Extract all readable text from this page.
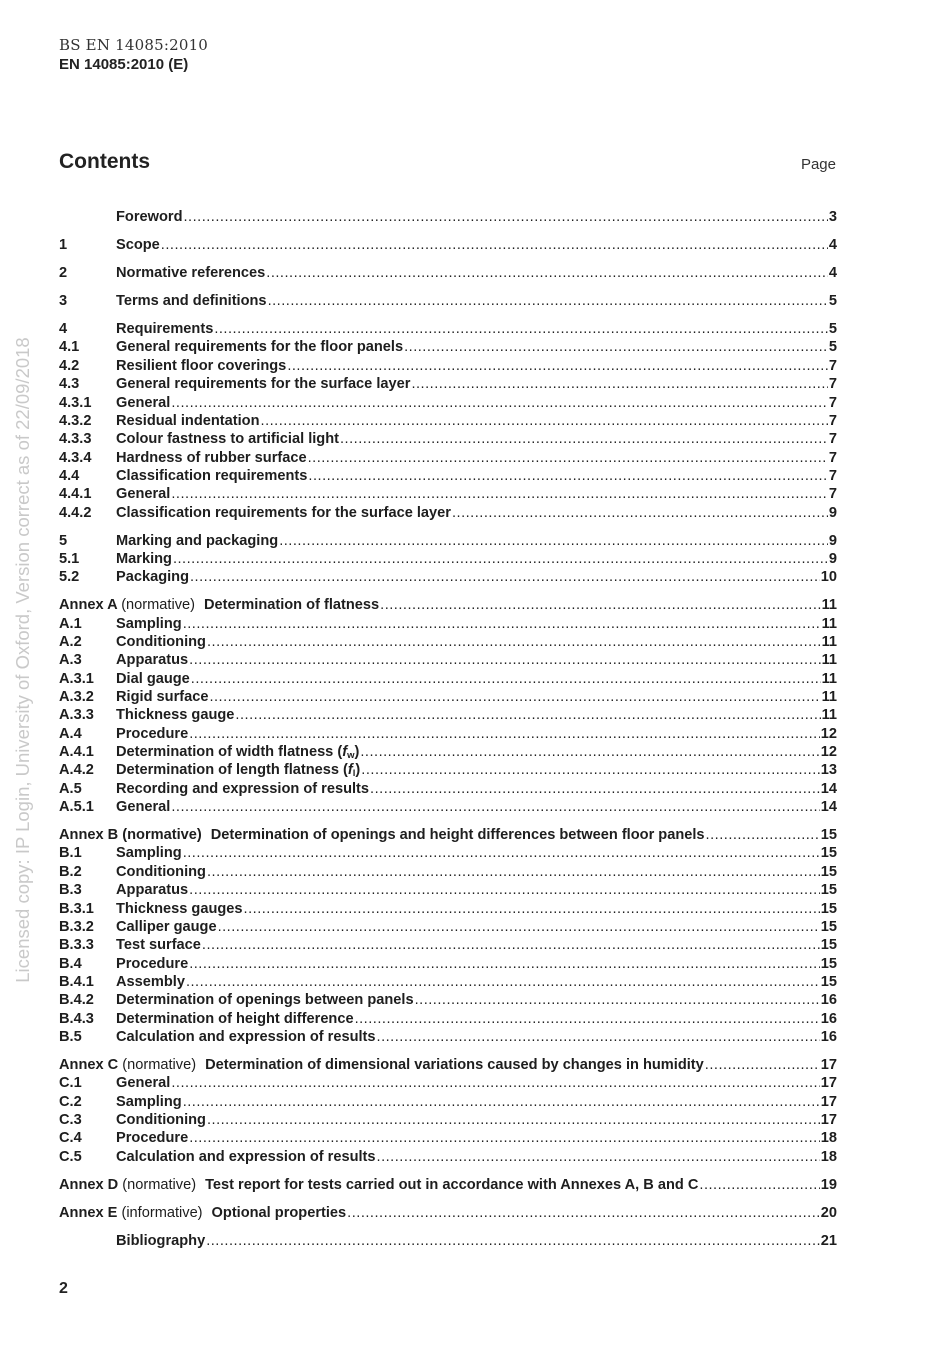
BS EN 14085:2010
EN 14085:2010 (E)
Contents	Page
Licensed copy: IP Login, University of Oxford, Version correct as of 22/09/2018
Foreword .....	3
1	Scope .....	4
2	Normative references .....	4
3	Terms and definitions .....	5
4	Requirements .....	5
4.1	General requirements for the floor panels .....	5
4.2	Resilient floor coverings .....	7
4.3	General requirements for the surface layer .....	7
4.3.1	General .....	7
4.3.2	Residual indentation .....	7
4.3.3	Colour fastness to artificial light .....	7
4.3.4	Hardness of rubber surface .....	7
4.4	Classification requirements .....	7
4.4.1	General .....	7
4.4.2	Classification requirements for the surface layer .....	9
5	Marking and packaging .....	9
5.1	Marking .....	9
5.2	Packaging .....	10
Annex A (normative) Determination of flatness .....	11
A.1	Sampling .....	11
A.2	Conditioning .....	11
A.3	Apparatus .....	11
A.3.1	Dial gauge .....	11
A.3.2	Rigid surface .....	11
A.3.3	Thickness gauge .....	11
A.4	Procedure .....	12
A.4.1	Determination of width flatness $(f_w)$ .....	12
A.4.2	Determination of length flatness $(f_l)$ .....	13
A.5	Recording and expression of results .....	14
A.5.1	General .....	14
Annex B (normative) Determination of openings and height differences between floor panels .....	15
B.1	Sampling .....	15
B.2	Conditioning .....	15
B.3	Apparatus .....	15
B.3.1	Thickness gauges .....	15
B.3.2	Calliper gauge .....	15
B.3.3	Test surface .....	15
B.4	Procedure .....	15
B.4.1	Assembly .....	15
B.4.2	Determination of openings between panels .....	16
B.4.3	Determination of height difference .....	16
B.5	Calculation and expression of results .....	16
Annex C (normative) Determination of dimensional variations caused by changes in humidity .....	17
C.1	General .....	17
C.2	Sampling .....	17
C.3	Conditioning .....	17
C.4	Procedure .....	18
C.5	Calculation and expression of results .....	18
Annex D (normative) Test report for tests carried out in accordance with Annexes A, B and C .....	19
Annex E (informative) Optional properties .....	20
Bibliography .....	21
2
